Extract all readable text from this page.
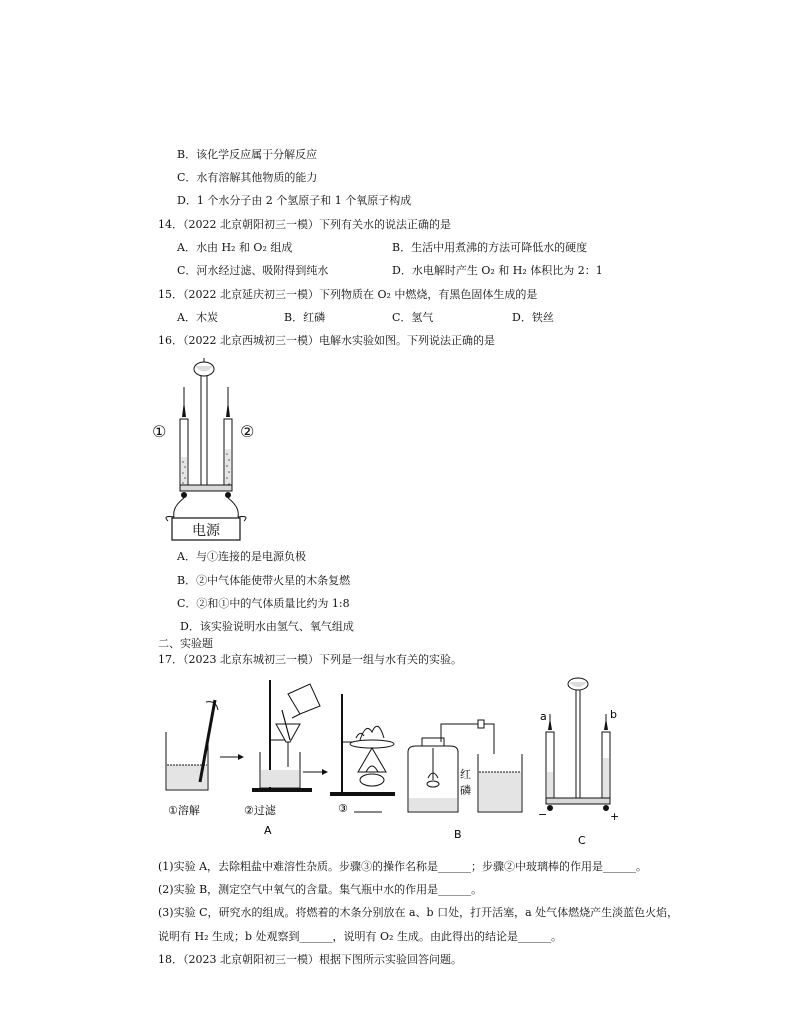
B．该化学反应属于分解反应
C．水有溶解其他物质的能力
D．1 个水分子由 2 个氢原子和 1 个氧原子构成
14．（2022 北京朝阳初三一模）下列有关水的说法正确的是
A．水由 H₂ 和 O₂ 组成	B．生活中用煮沸的方法可降低水的硬度
C．河水经过滤、吸附得到纯水	D．水电解时产生 O₂ 和 H₂ 体积比为 2：1
15．（2022 北京延庆初三一模）下列物质在 O₂ 中燃烧，有黑色固体生成的是
A．木炭	B．红磷	C．氢气	D．铁丝
16．（2022 北京西城初三一模）电解水实验如图。下列说法正确的是
电源
①	②
A．与①连接的是电源负极
B．②中气体能使带火星的木条复燃
C．②和①中的气体质量比约为 1:8
D．该实验说明水由氢气、氧气组成
二、实验题
17．（2023 北京东城初三一模）下列是一组与水有关的实验。
①溶解	②过滤	③
A
红
磷
B
a	b
−	+
C
(1)实验 A，去除粗盐中难溶性杂质。步骤③的操作名称是______；步骤②中玻璃棒的作用是______。
(2)实验 B，测定空气中氧气的含量。集气瓶中水的作用是______。
(3)实验 C，研究水的组成。将燃着的木条分别放在 a、b 口处，打开活塞，a 处气体燃烧产生淡蓝色火焰，
说明有 H₂ 生成；b 处观察到______，说明有 O₂ 生成。由此得出的结论是______。
18．（2023 北京朝阳初三一模）根据下图所示实验回答问题。
